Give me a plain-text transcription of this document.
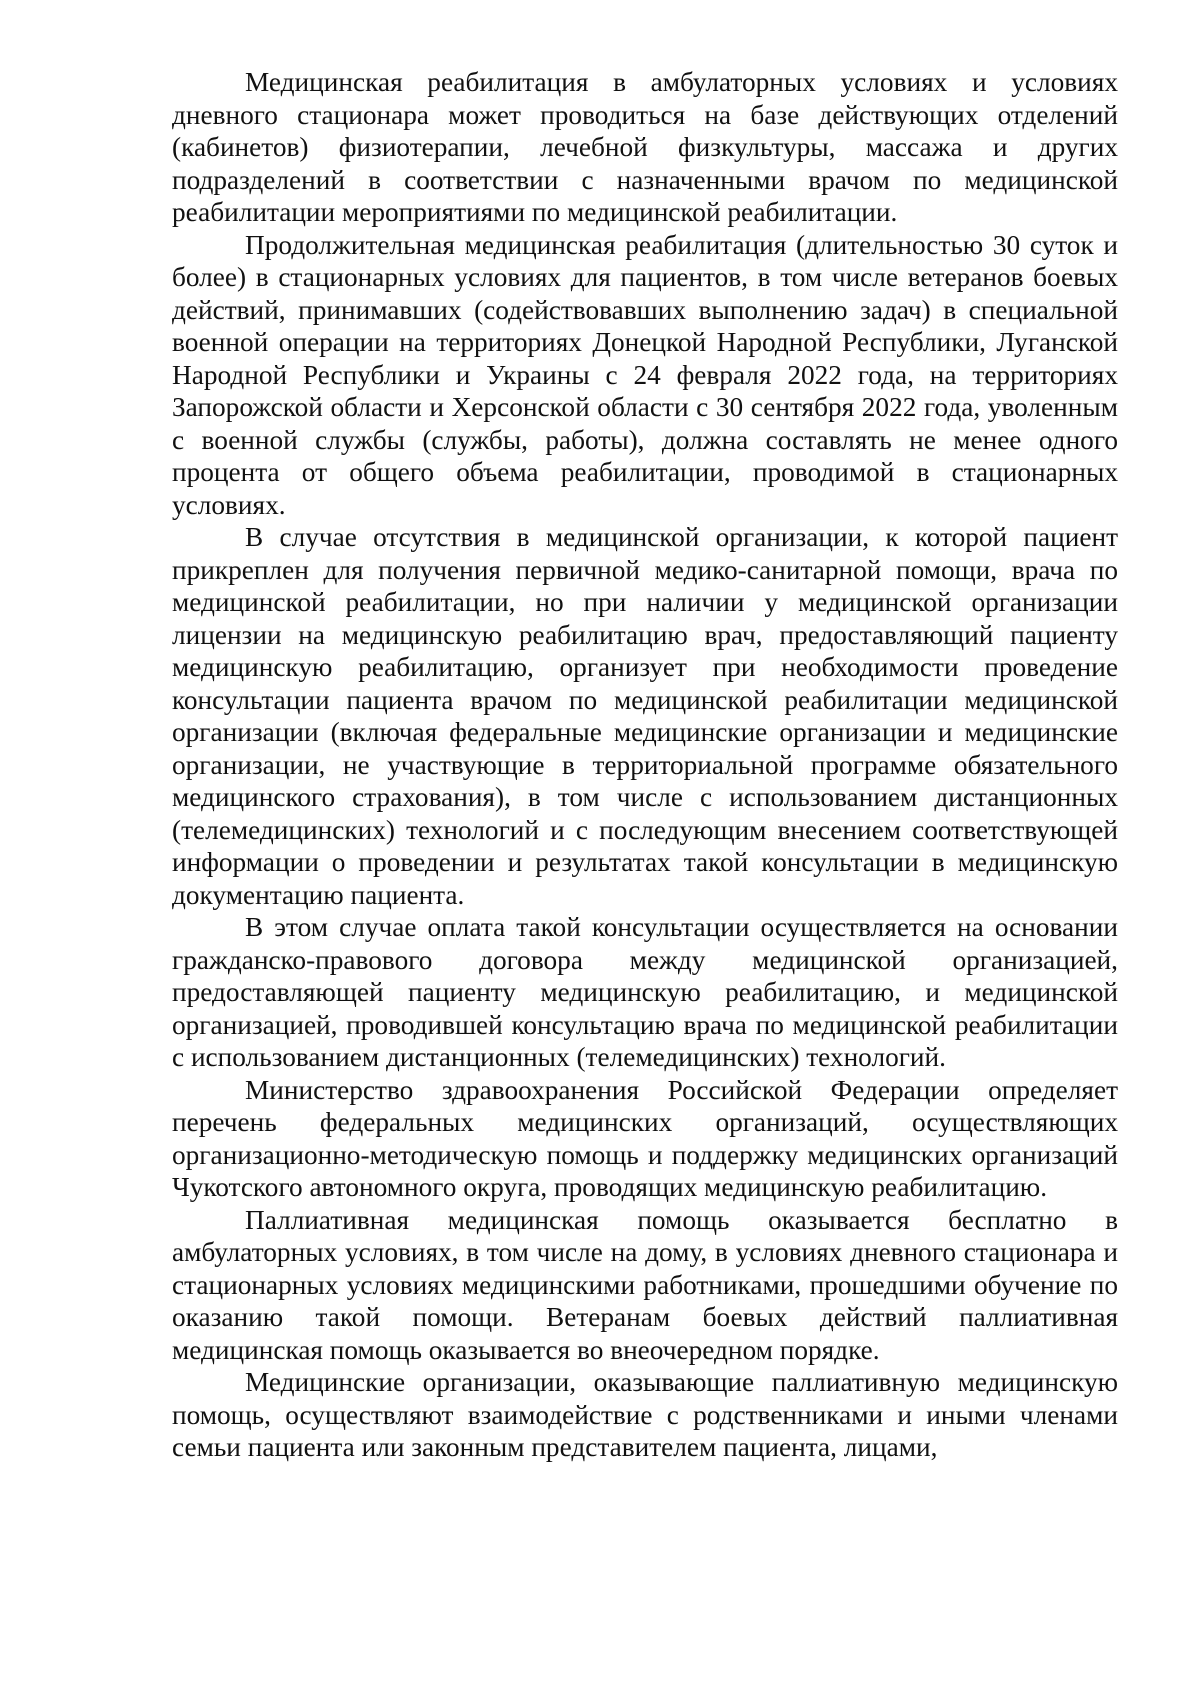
Медицинская реабилитация в амбулаторных условиях и условиях дневного стационара может проводиться на базе действующих отделений (кабинетов) физиотерапии, лечебной физкультуры, массажа и других подразделений в соответствии с назначенными врачом по медицинской реабилитации мероприятиями по медицинской реабилитации.

Продолжительная медицинская реабилитация (длительностью 30 суток и более) в стационарных условиях для пациентов, в том числе ветеранов боевых действий, принимавших (содействовавших выполнению задач) в специальной военной операции на территориях Донецкой Народной Республики, Луганской Народной Республики и Украины с 24 февраля 2022 года, на территориях Запорожской области и Херсонской области с 30 сентября 2022 года, уволенным с военной службы (службы, работы), должна составлять не менее одного процента от общего объема реабилитации, проводимой в стационарных условиях.

В случае отсутствия в медицинской организации, к которой пациент прикреплен для получения первичной медико-санитарной помощи, врача по медицинской реабилитации, но при наличии у медицинской организации лицензии на медицинскую реабилитацию врач, предоставляющий пациенту медицинскую реабилитацию, организует при необходимости проведение консультации пациента врачом по медицинской реабилитации медицинской организации (включая федеральные медицинские организации и медицинские организации, не участвующие в территориальной программе обязательного медицинского страхования), в том числе с использованием дистанционных (телемедицинских) технологий и с последующим внесением соответствующей информации о проведении и результатах такой консультации в медицинскую документацию пациента.

В этом случае оплата такой консультации осуществляется на основании гражданско-правового договора между медицинской организацией, предоставляющей пациенту медицинскую реабилитацию, и медицинской организацией, проводившей консультацию врача по медицинской реабилитации с использованием дистанционных (телемедицинских) технологий.

Министерство здравоохранения Российской Федерации определяет перечень федеральных медицинских организаций, осуществляющих организационно-методическую помощь и поддержку медицинских организаций Чукотского автономного округа, проводящих медицинскую реабилитацию.

Паллиативная медицинская помощь оказывается бесплатно в амбулаторных условиях, в том числе на дому, в условиях дневного стационара и стационарных условиях медицинскими работниками, прошедшими обучение по оказанию такой помощи. Ветеранам боевых действий паллиативная медицинская помощь оказывается во внеочередном порядке.

Медицинские организации, оказывающие паллиативную медицинскую помощь, осуществляют взаимодействие с родственниками и иными членами семьи пациента или законным представителем пациента, лицами,
